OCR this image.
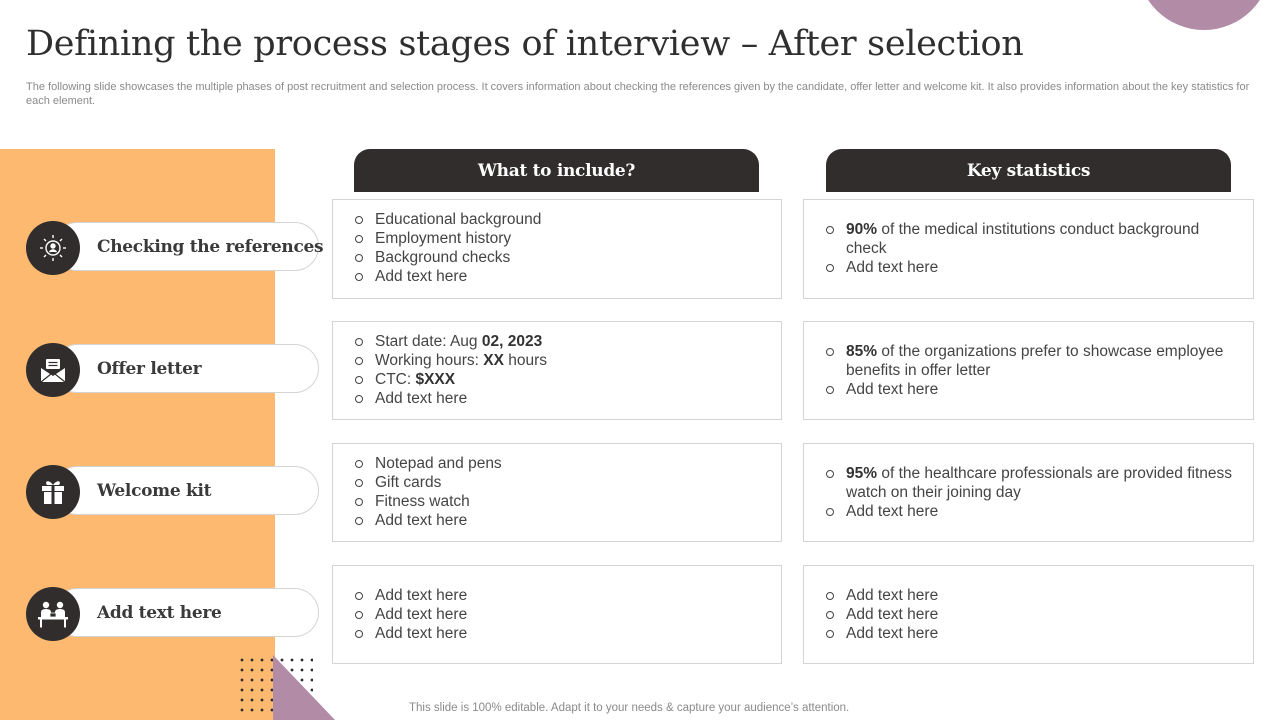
Defining the process stages of interview – After selection

The following slide showcases the multiple phases of post recruitment and selection process. It covers information about checking the references given by the candidate, offer letter and welcome kit. It also provides information about the key statistics for each element.

Checking the references
Offer letter
Welcome kit
Add text here
What to include?	Key statistics
Educational background
Employment history
Background checks
Add text here
90% of the medical institutions conduct background check
Add text here
Start date: Aug 02, 2023
Working hours: XX hours
CTC: $XXX
Add text here
85% of the organizations prefer to showcase employee benefits in offer letter
Add text here
Notepad and pens
Gift cards
Fitness watch
Add text here
95% of the healthcare professionals are provided fitness watch on their joining day
Add text here
Add text here
Add text here
Add text here
Add text here
Add text here
Add text here
This slide is 100% editable. Adapt it to your needs & capture your audience’s attention.
